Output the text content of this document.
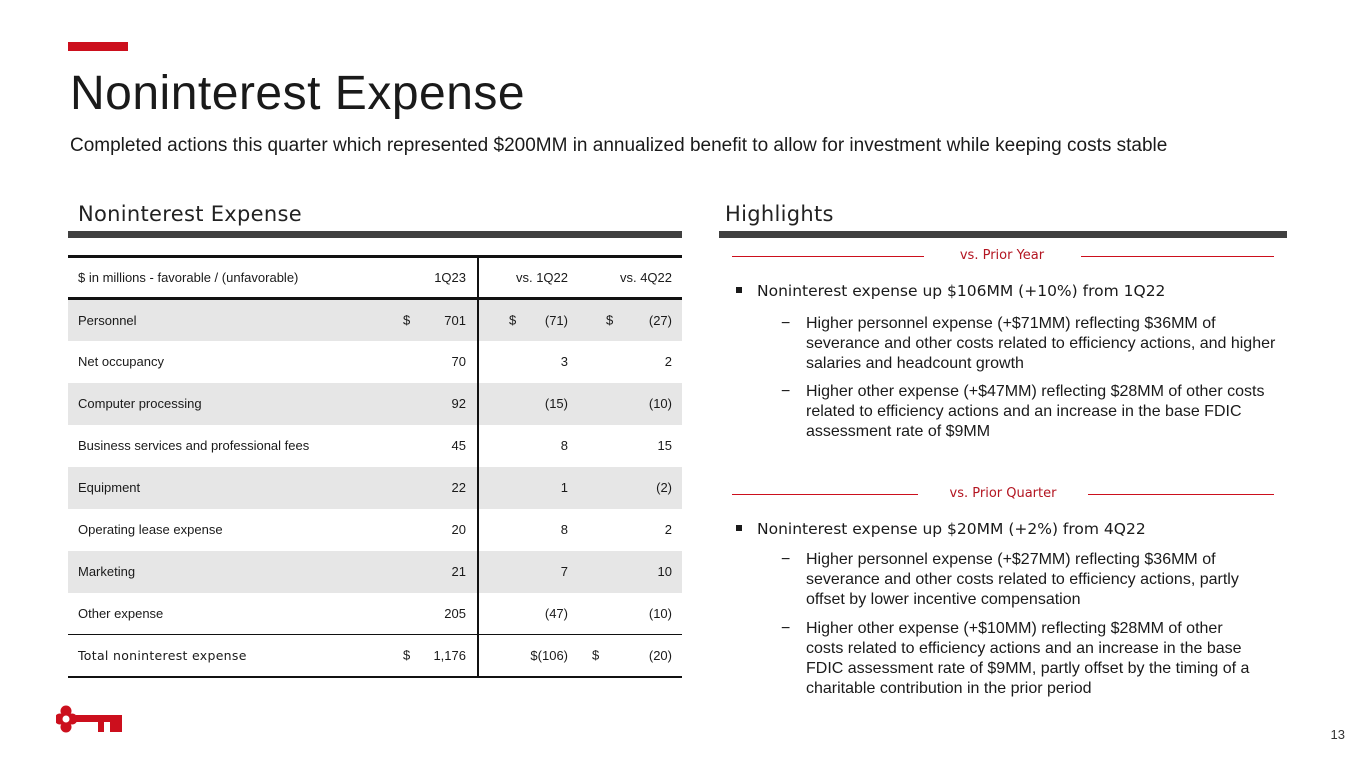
Noninterest Expense
Completed actions this quarter which represented $200MM in annualized benefit to allow for investment while keeping costs stable
Noninterest Expense
$ in millions - favorable / (unfavorable)	1Q23	vs. 1Q22	vs. 4Q22
Personnel	$ 701	$ (71)	$ (27)
Net occupancy	70	3	2
Computer processing	92	(15)	(10)
Business services and professional fees	45	8	15
Equipment	22	1	(2)
Operating lease expense	20	8	2
Marketing	21	7	10
Other expense	205	(47)	(10)
Total noninterest expense	$ 1,176	$(106)	$ (20)
Highlights
vs. Prior Year
Noninterest expense up $106MM (+10%) from 1Q22
− Higher personnel expense (+$71MM) reflecting $36MM of severance and other costs related to efficiency actions, and higher salaries and headcount growth
− Higher other expense (+$47MM) reflecting $28MM of other costs related to efficiency actions and an increase in the base FDIC assessment rate of $9MM
vs. Prior Quarter
Noninterest expense up $20MM (+2%) from 4Q22
− Higher personnel expense (+$27MM) reflecting $36MM of severance and other costs related to efficiency actions, partly offset by lower incentive compensation
− Higher other expense (+$10MM) reflecting $28MM of other costs related to efficiency actions and an increase in the base FDIC assessment rate of $9MM, partly offset by the timing of a charitable contribution in the prior period
13
